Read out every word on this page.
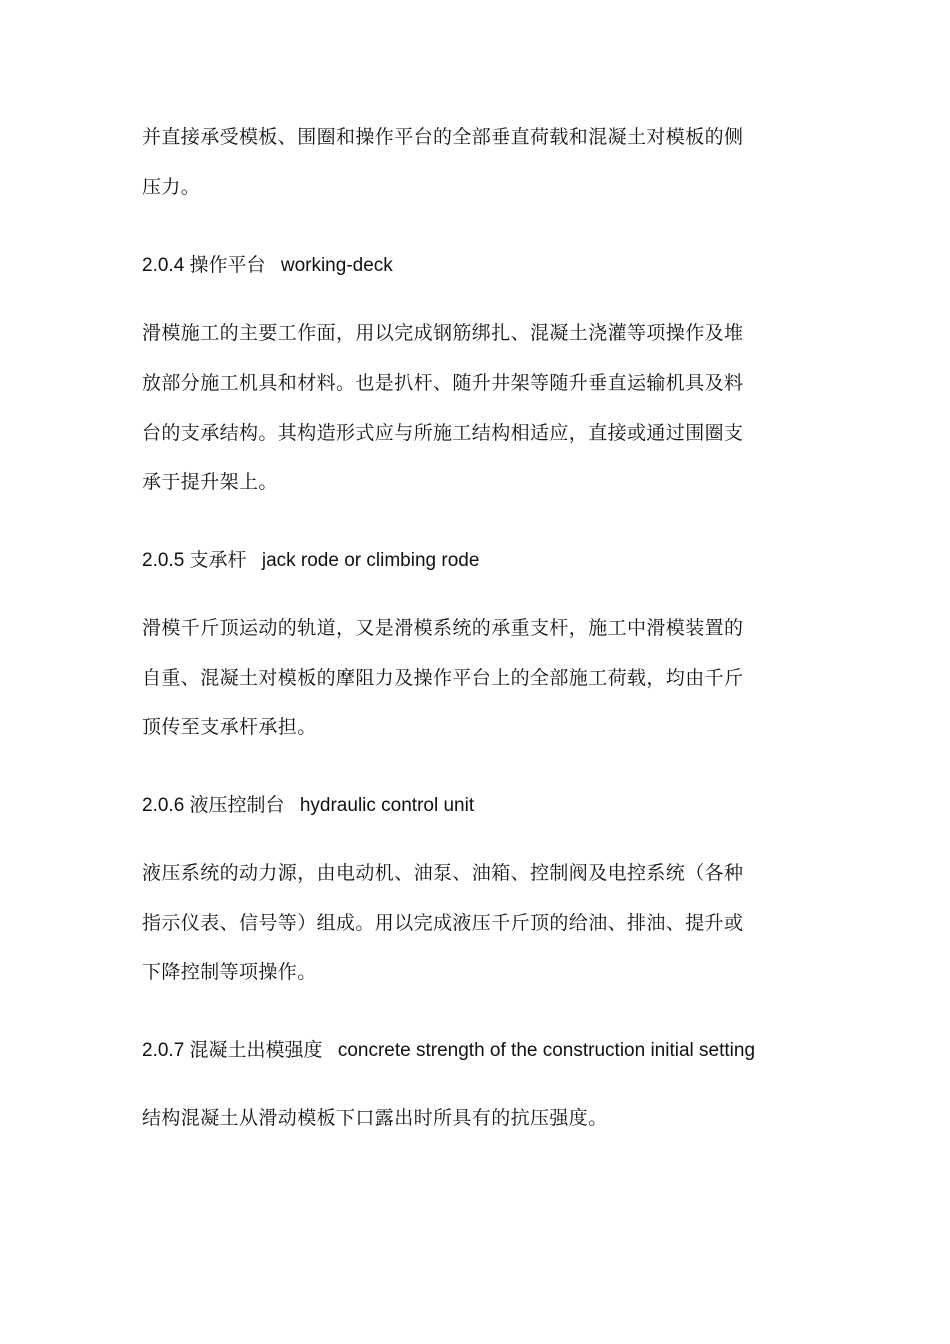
并直接承受模板、围圈和操作平台的全部垂直荷载和混凝土对模板的侧
压力。
2.0.4 操作平台 working-deck
滑模施工的主要工作面，用以完成钢筋绑扎、混凝土浇灌等项操作及堆
放部分施工机具和材料。也是扒杆、随升井架等随升垂直运输机具及料
台的支承结构。其构造形式应与所施工结构相适应，直接或通过围圈支
承于提升架上。
2.0.5 支承杆 jack rode or climbing rode
滑模千斤顶运动的轨道，又是滑模系统的承重支杆，施工中滑模装置的
自重、混凝土对模板的摩阻力及操作平台上的全部施工荷载，均由千斤
顶传至支承杆承担。
2.0.6 液压控制台 hydraulic control unit
液压系统的动力源，由电动机、油泵、油箱、控制阀及电控系统（各种
指示仪表、信号等）组成。用以完成液压千斤顶的给油、排油、提升或
下降控制等项操作。
2.0.7 混凝土出模强度 concrete strength of the construction initial setting
结构混凝土从滑动模板下口露出时所具有的抗压强度。
